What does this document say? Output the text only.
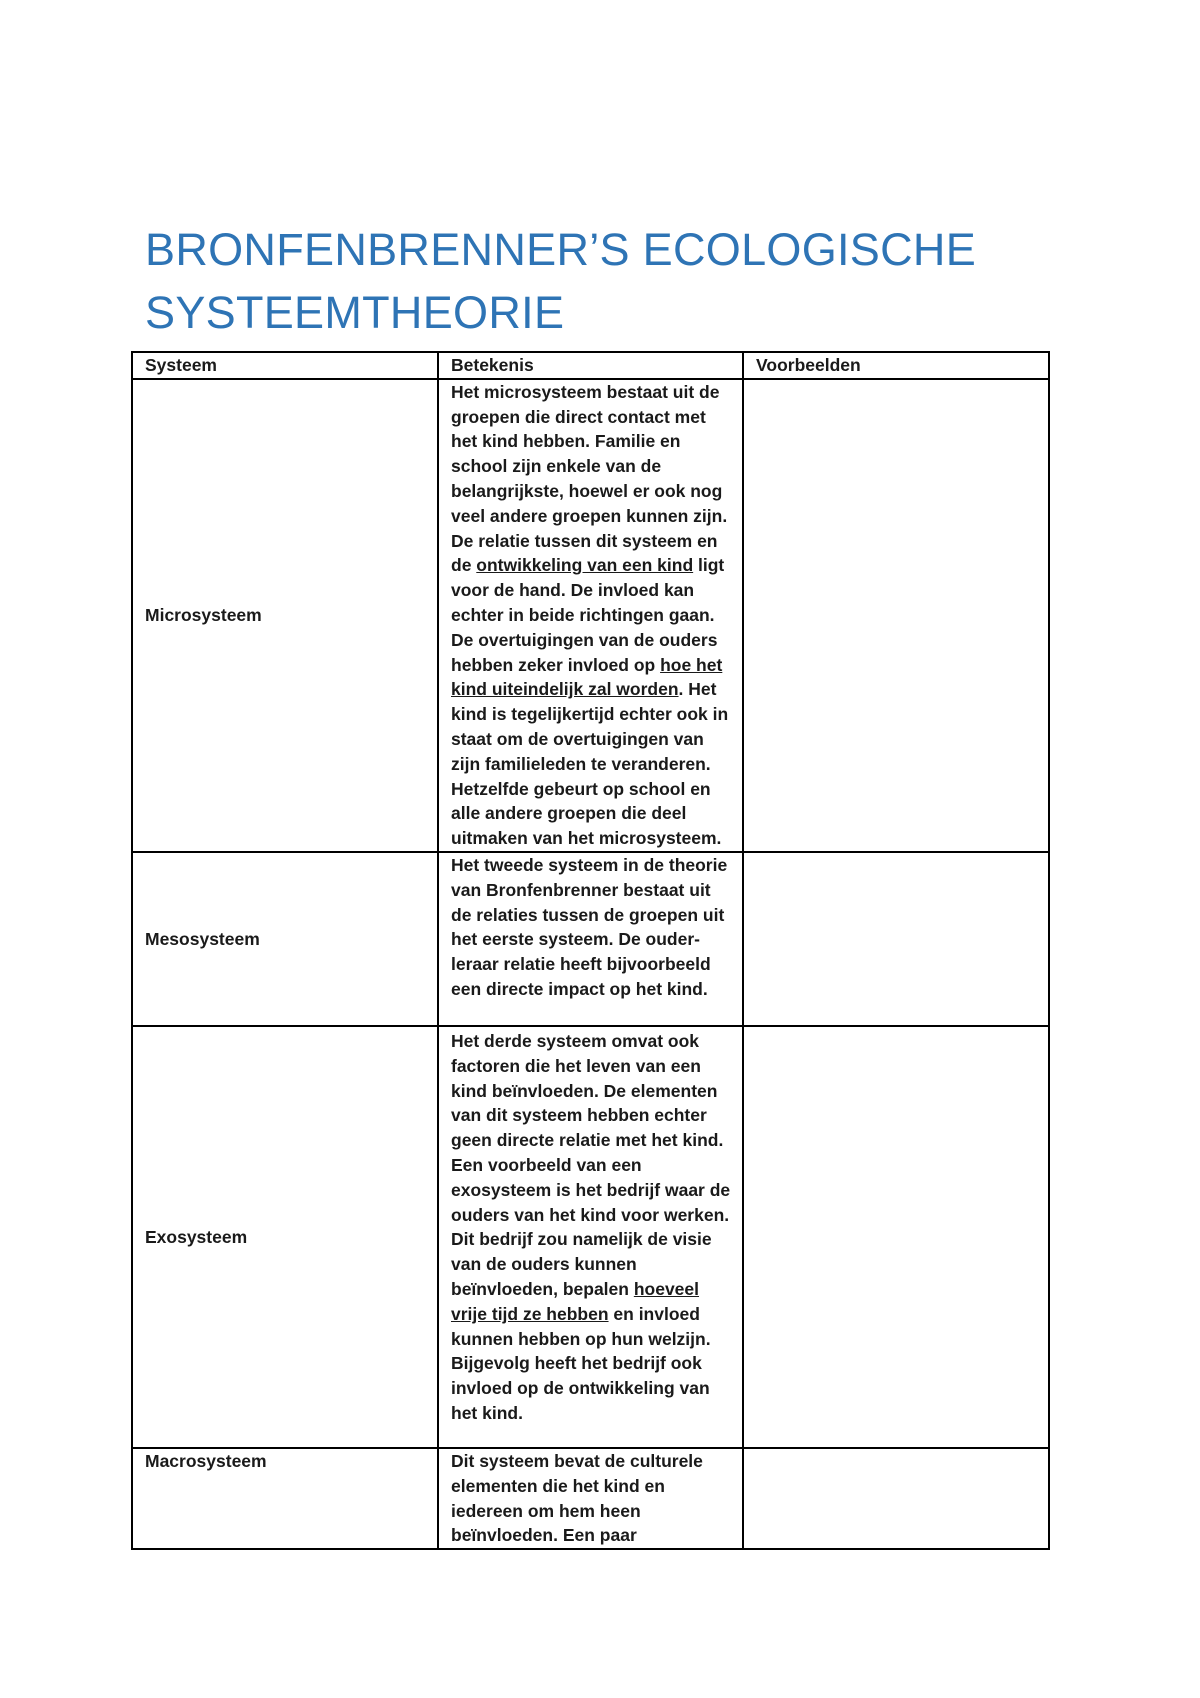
BRONFENBRENNER’S ECOLOGISCHE SYSTEEMTHEORIE
Systeem	Betekenis	Voorbeelden
Microsysteem	Het microsysteem bestaat uit de groepen die direct contact met het kind hebben. Familie en school zijn enkele van de belangrijkste, hoewel er ook nog veel andere groepen kunnen zijn. De relatie tussen dit systeem en de ontwikkeling van een kind ligt voor de hand. De invloed kan echter in beide richtingen gaan. De overtuigingen van de ouders hebben zeker invloed op hoe het kind uiteindelijk zal worden. Het kind is tegelijkertijd echter ook in staat om de overtuigingen van zijn familieleden te veranderen. Hetzelfde gebeurt op school en alle andere groepen die deel uitmaken van het microsysteem.	
Mesosysteem	Het tweede systeem in de theorie van Bronfenbrenner bestaat uit de relaties tussen de groepen uit het eerste systeem. De ouder-leraar relatie heeft bijvoorbeeld een directe impact op het kind.	
Exosysteem	Het derde systeem omvat ook factoren die het leven van een kind beïnvloeden. De elementen van dit systeem hebben echter geen directe relatie met het kind. Een voorbeeld van een exosysteem is het bedrijf waar de ouders van het kind voor werken. Dit bedrijf zou namelijk de visie van de ouders kunnen beïnvloeden, bepalen hoeveel vrije tijd ze hebben en invloed kunnen hebben op hun welzijn. Bijgevolg heeft het bedrijf ook invloed op de ontwikkeling van het kind.	
Macrosysteem	Dit systeem bevat de culturele elementen die het kind en iedereen om hem heen beïnvloeden. Een paar	
